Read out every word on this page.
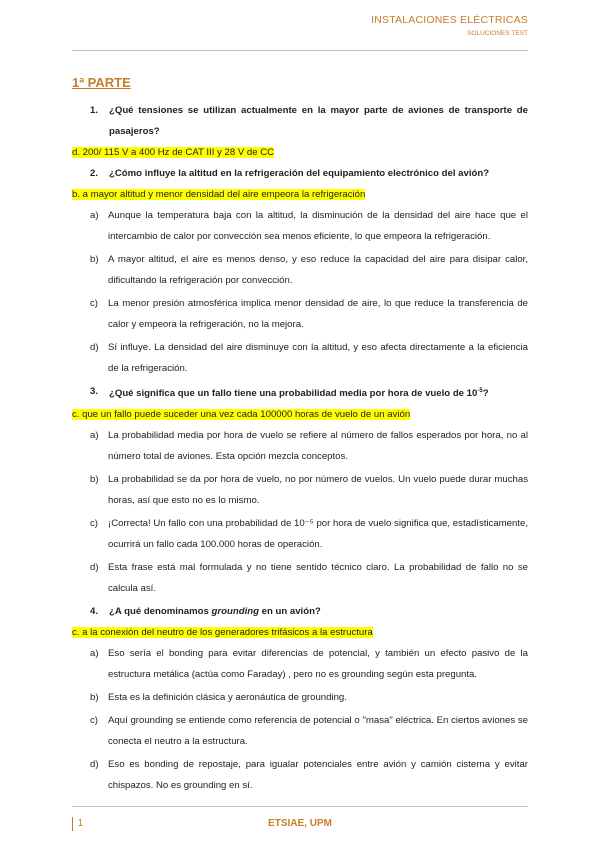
INSTALACIONES ELÉCTRICAS
SOLUCIONES TEST
1ª PARTE
1.	¿Qué tensiones se utilizan actualmente en la mayor parte de aviones de transporte de pasajeros?
d. 200/ 115 V a 400 Hz de CAT III y 28 V de CC
2.	¿Cómo influye la altitud en la refrigeración del equipamiento electrónico del avión?
b. a mayor altitud y menor densidad del aire empeora la refrigeración
a) Aunque la temperatura baja con la altitud, la disminución de la densidad del aire hace que el intercambio de calor por convección sea menos eficiente, lo que empeora la refrigeración.
b) A mayor altitud, el aire es menos denso, y eso reduce la capacidad del aire para disipar calor, dificultando la refrigeración por convección.
c)	La menor presión atmosférica implica menor densidad de aire, lo que reduce la transferencia de calor y empeora la refrigeración, no la mejora.
d) Sí influye. La densidad del aire disminuye con la altitud, y eso afecta directamente a la eficiencia de la refrigeración.
3.	¿Qué significa que un fallo tiene una probabilidad media por hora de vuelo de $10^{-5}$?
c. que un fallo puede suceder una vez cada 100000 horas de vuelo de un avión
a) La probabilidad media por hora de vuelo se refiere al número de fallos esperados por hora, no al número total de aviones. Esta opción mezcla conceptos.
b) La probabilidad se da por hora de vuelo, no por número de vuelos. Un vuelo puede durar muchas horas, así que esto no es lo mismo.
c)	¡Correcta! Un fallo con una probabilidad de 10⁻⁵ por hora de vuelo significa que, estadísticamente, ocurrirá un fallo cada 100.000 horas de operación.
d) Esta frase está mal formulada y no tiene sentido técnico claro. La probabilidad de fallo no se calcula así.
4.	¿A qué denominamos grounding en un avión?
c. a la conexión del neutro de los generadores trifásicos a la estructura
a) Eso sería el bonding para evitar diferencias de potencial, y también un efecto pasivo de la estructura metálica (actúa como Faraday) , pero no es grounding según esta pregunta.
b) Esta es la definición clásica y aeronáutica de grounding.
c)	Aquí grounding se entiende como referencia de potencial o "masa" eléctrica. En ciertos aviones se conecta el neutro a la estructura.
d) Eso es bonding de repostaje, para igualar potenciales entre avión y camión cisterna y evitar chispazos. No es grounding en sí.
1	ETSIAE, UPM
